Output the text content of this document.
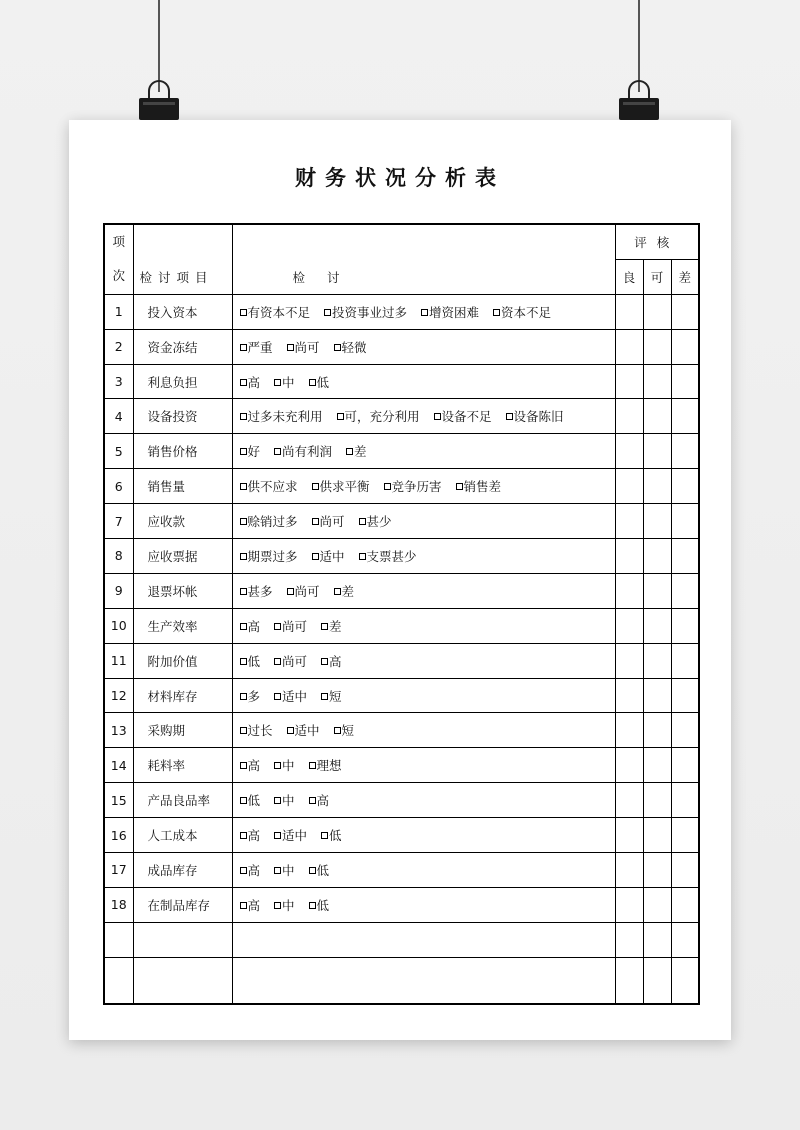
财务状况分析表
项
次	检讨项目	检讨	评核		
			良	可	差
1	投入资本	有资本不足 投资事业过多 增资困难 资本不足			
2	资金冻结	严重 尚可 轻微			
3	利息负担	高 中 低			
4	设备投资	过多未充利用 可，充分利用 设备不足 设备陈旧			
5	销售价格	好 尚有利润 差			
6	销售量	供不应求 供求平衡 竞争历害 销售差			
7	应收款	赊销过多 尚可 甚少			
8	应收票据	期票过多 适中 支票甚少			
9	退票坏帐	甚多 尚可 差			
10	生产效率	高 尚可 差			
11	附加价值	低 尚可 高			
12	材料库存	多 适中 短			
13	采购期	过长 适中 短			
14	耗料率	高 中 理想			
15	产品良品率	低 中 高			
16	人工成本	高 适中 低			
17	成品库存	高 中 低			
18	在制品库存	高 中 低			
